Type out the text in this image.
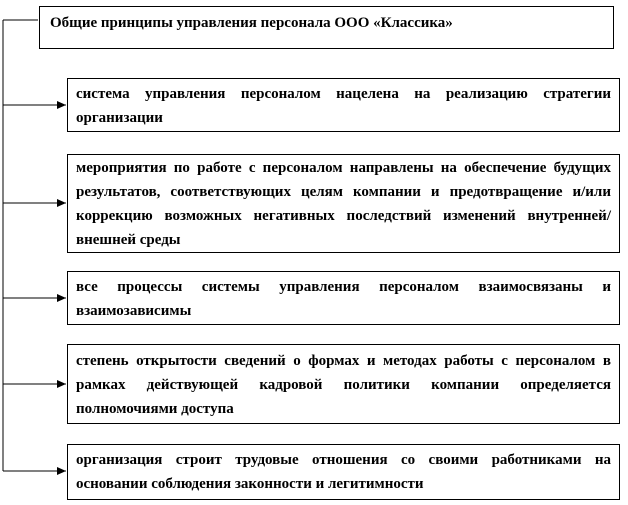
Общие принципы управления персонала ООО «Классика»
система управления персоналом нацелена на реализацию стратегии организации
мероприятия по работе с персоналом направлены на обеспечение будущих результатов, соответствующих целям компании и предотвращение и/или коррекцию возможных негативных последствий изменений внутренней/внешней среды
все процессы системы управления персоналом взаимосвязаны и взаимозависимы
степень открытости сведений о формах и методах работы с персоналом в рамках действующей кадровой политики компании определяется полномочиями доступа
организация строит трудовые отношения со своими работниками на основании соблюдения законности и легитимности
